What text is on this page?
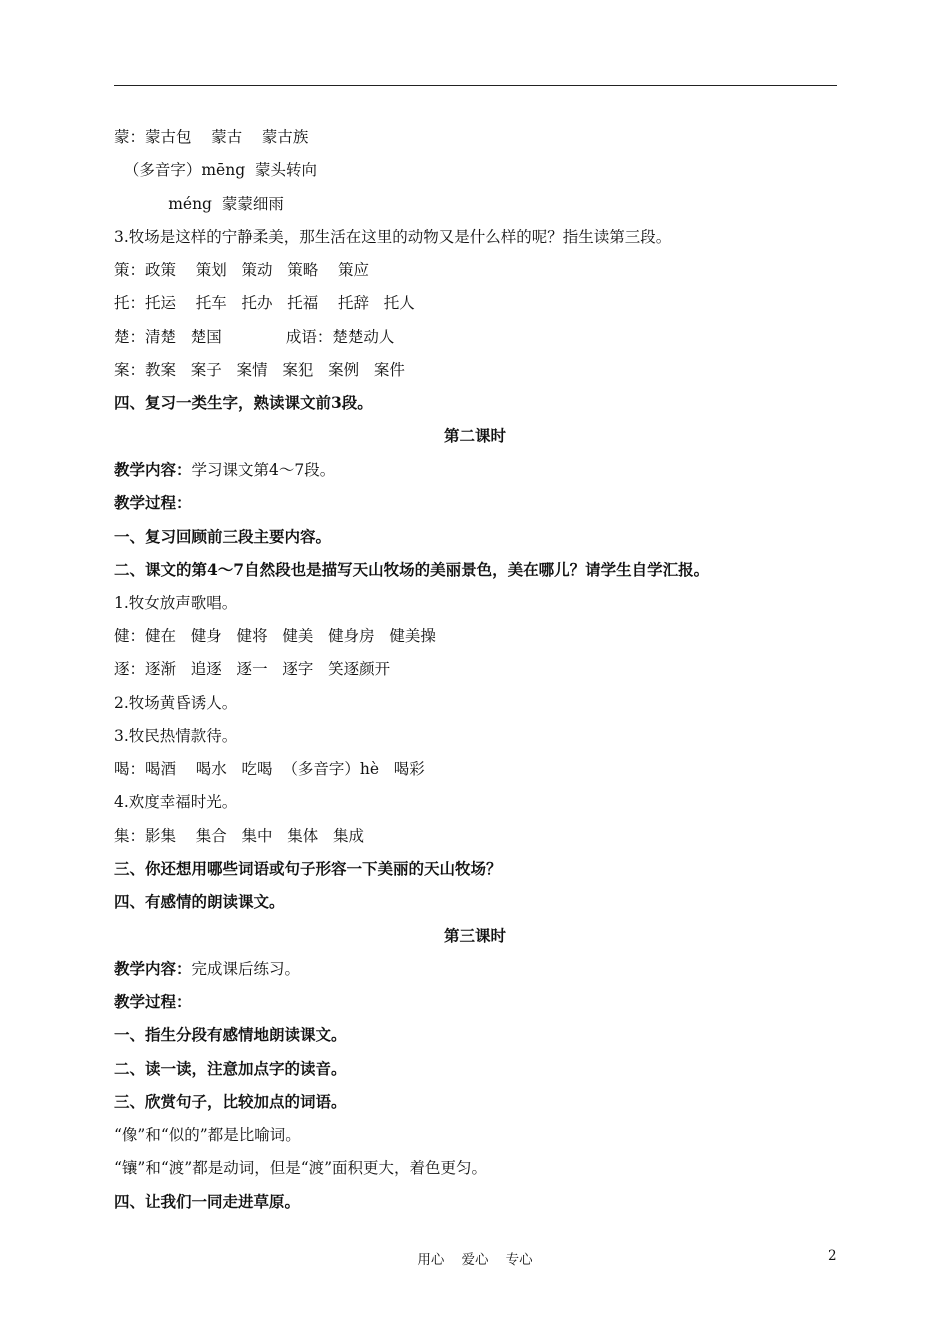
蒙：蒙古包    蒙古    蒙古族
（多音字）mēng  蒙头转向
méng  蒙蒙细雨
3.牧场是这样的宁静柔美，那生活在这里的动物又是什么样的呢？指生读第三段。
策：政策    策划   策动   策略    策应
托：托运    托车   托办   托福    托辞   托人
楚：清楚   楚国             成语：楚楚动人
案：教案   案子   案情   案犯   案例   案件
四、复习一类生字，熟读课文前3段。
第二课时
教学内容：学习课文第4～7段。
教学过程：
一、复习回顾前三段主要内容。
二、课文的第4～7自然段也是描写天山牧场的美丽景色，美在哪儿？请学生自学汇报。
1.牧女放声歌唱。
健：健在   健身   健将   健美   健身房   健美操
逐：逐渐   追逐   逐一   逐字   笑逐颜开
2.牧场黄昏诱人。
3.牧民热情款待。
喝：喝酒    喝水   吃喝  （多音字）hè   喝彩
4.欢度幸福时光。
集：影集    集合   集中   集体   集成
三、你还想用哪些词语或句子形容一下美丽的天山牧场？
四、有感情的朗读课文。
第三课时
教学内容：完成课后练习。
教学过程：
一、指生分段有感情地朗读课文。
二、读一读，注意加点字的读音。
三、欣赏句子，比较加点的词语。
“像”和“似的”都是比喻词。
“镶”和“渡”都是动词，但是“渡”面积更大，着色更匀。
四、让我们一同走进草原。
用心    爱心    专心	2
